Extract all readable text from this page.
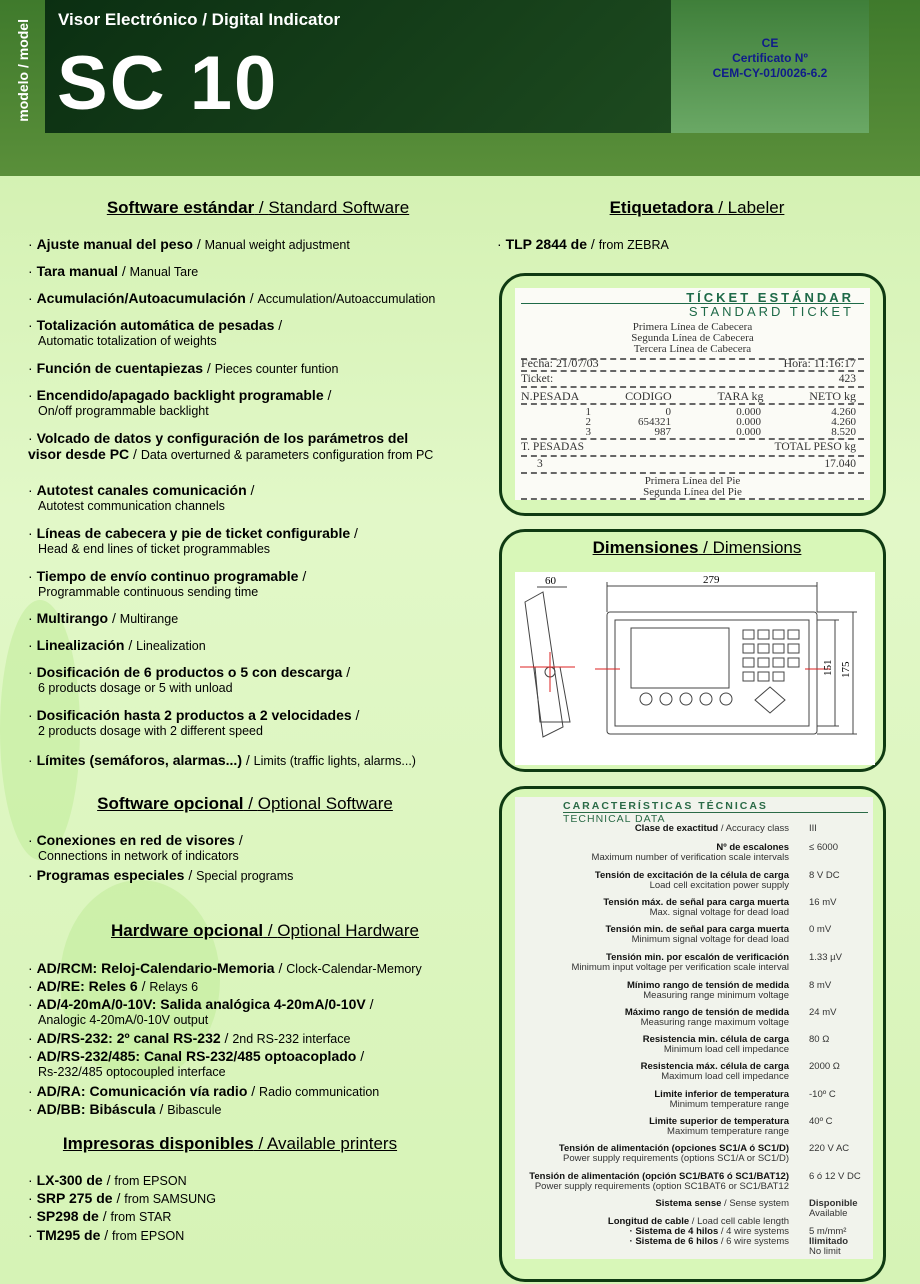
modelo / model Visor Electrónico / Digital Indicator
SC 10	CE
Certificato Nº
CEM-CY-01/0026-6.2
· Ajuste manual del peso / Manual weight adjustment
· Tara manual / Manual Tare
· Acumulación/Autoacumulación / Accumulation/Autoaccumulation
· Totalización automática de pesadas /
Automatic totalization of weights
· Función de cuentapiezas / Pieces counter funtion
· Encendido/apagado backlight programable /
On/off programmable backlight
· Volcado de datos y configuración de los parámetros del
visor desde PC / Data overturned & parameters configuration from PC
· Autotest canales comunicación /
Autotest communication channels
· Líneas de cabecera y pie de ticket configurable /
Head & end lines of ticket programmables
· Tiempo de envío continuo programable /
Programmable continuous sending time
· Multirango / Multirange
· Linealización / Linealization
· Dosificación de 6 productos o 5 con descarga /
6 products dosage or 5 with unload
· Dosificación hasta 2 productos a 2 velocidades /
2 products dosage with 2 different speed
· Límites (semáforos, alarmas...) / Limits (traffic lights, alarms...)
· Conexiones en red de visores /
Connections in network of indicators
· Programas especiales / Special programs
· AD/RCM: Reloj-Calendario-Memoria / Clock-Calendar-Memory
· AD/RE: Reles 6 / Relays 6
· AD/4-20mA/0-10V: Salida analógica 4-20mA/0-10V /
Analogic 4-20mA/0-10V output
· AD/RS-232: 2º canal RS-232 / 2nd RS-232 interface
· AD/RS-232/485: Canal RS-232/485 optoacoplado /
Rs-232/485 optocoupled interface
· AD/RA: Comunicación vía radio / Radio communication
· AD/BB: Bibáscula / Bibascule
· LX-300 de / from EPSON
· SRP 275 de / from SAMSUNG
· SP298 de / from STAR
· TM295 de / from EPSON
Etiquetadora / Labeler
· TLP 2844 de / from ZEBRA
TÍCKET ESTÁNDAR
STANDARD TICKET
Primera Línea de Cabecera
Segunda Línea de Cabecera
Tercera Línea de Cabecera
Fecha: 21/07/03	Hora: 11:16:17
Ticket:	423
N.PESADA	CODIGO	TARA kg	NETO kg
1	0	0.000	4.260
2	654321	0.000	4.260
3	987	0.000	8.520
T. PESADAS	TOTAL PESO kg
3	17.040
Primera Línea del Pie
Segunda Línea del Pie
Dimensiones / Dimensions
60	279
151 175
CARACTERÍSTICAS TÉCNICAS
TECHNICAL DATA
Clase de exactitud / Accuracy class III
Nº de escalones
Maximum number of verification scale intervals
≤ 6000
Tensión de excitación de la célula de carga
Load cell excitation power supply
8 V DC
Tensión máx. de señal para carga muerta
Max. signal voltage for dead load
16 mV
Tensión min. de señal para carga muerta
Minimum signal voltage for dead load
0 mV
Tensión min. por escalón de verificación
Minimum input voltage per verification scale interval
1.33 µV
Mínimo rango de tensión de medida
Measuring range minimum voltage
8 mV
Máximo rango de tensión de medida
Measuring range maximum voltage
24 mV
Resistencia min. célula de carga
Minimum load cell impedance
80 Ω
Resistencia máx. célula de carga
Maximum load cell impedance
2000 Ω
Limite inferior de temperatura
Minimum temperature range
-10º C
Limite superior de temperatura
Maximum temperature range
40º C
Tensión de alimentación (opciones SC1/A ó SC1/D)
Power supply requirements (options SC1/A or SC1/D)
220 V AC
Tensión de alimentación (opción SC1/BAT6 ó SC1/BAT12)
Power supply requirements (option SC1BAT6 or SC1/BAT12
6 ó 12 V DC
Sistema sense / Sense system Disponible
Available
Longitud de cable / Load cell cable length
· Sistema de 4 hilos / 4 wire systems 5 m/mm²
· Sistema de 6 hilos / 6 wire systems Ilimitado
No limit
Software estándar / Standard Software
Software opcional / Optional Software
Hardware opcional / Optional Hardware
Impresoras disponibles / Available printers
